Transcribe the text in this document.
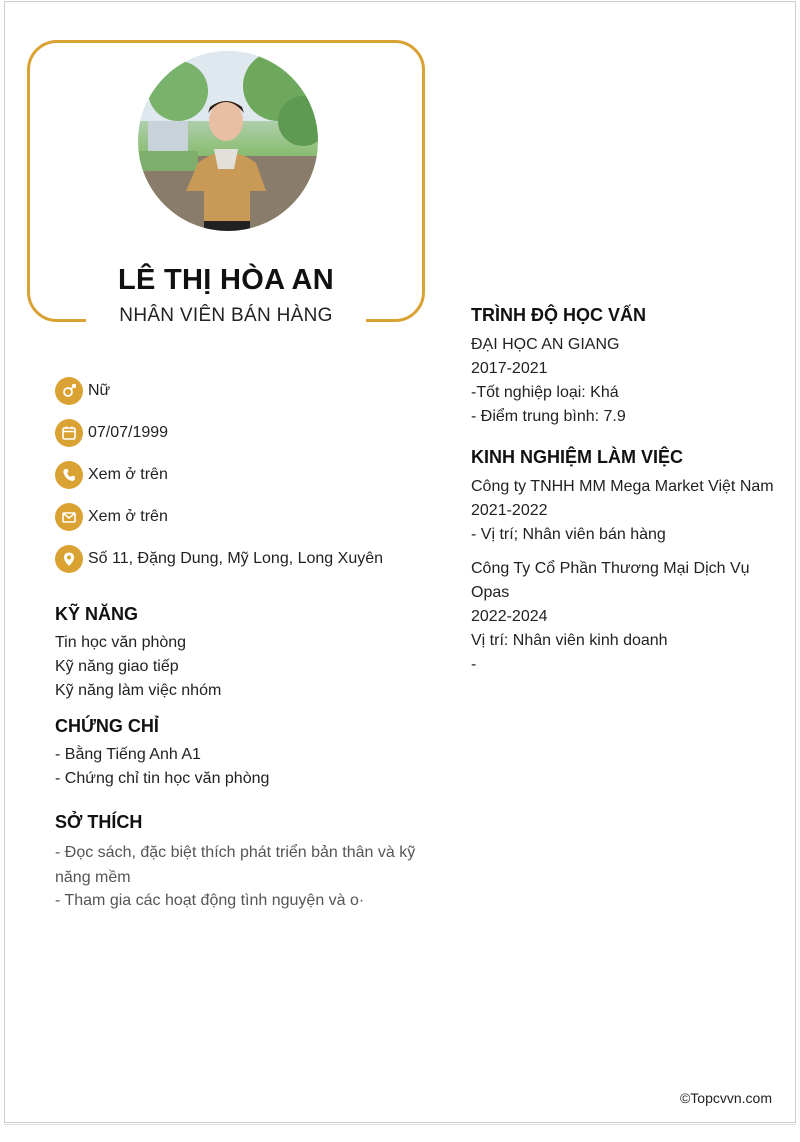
LÊ THỊ HÒA AN
NHÂN VIÊN BÁN HÀNG
Nữ
07/07/1999
Xem ở trên
Xem ở trên
Số 11, Đặng Dung, Mỹ Long, Long Xuyên
KỸ NĂNG
Tin học văn phòng
Kỹ năng giao tiếp
Kỹ năng làm việc nhóm
CHỨNG CHỈ
- Bằng Tiếng Anh A1
- Chứng chỉ tin học văn phòng
SỞ THÍCH
- Đọc sách, đặc biệt thích phát triển bản thân và kỹ năng mềm
- Tham gia các hoạt động tình nguyện và o·
TRÌNH ĐỘ HỌC VẤN
ĐẠI HỌC AN GIANG
2017-2021
-Tốt nghiệp loại: Khá
- Điểm trung bình: 7.9
KINH NGHIỆM LÀM VIỆC
Công ty TNHH MM Mega Market Việt Nam
2021-2022
- Vị trí; Nhân viên bán hàng
Công Ty Cổ Phần Thương Mại Dịch Vụ Opas
2022-2024
Vị trí: Nhân viên kinh doanh
-
©Topcvvn.com
